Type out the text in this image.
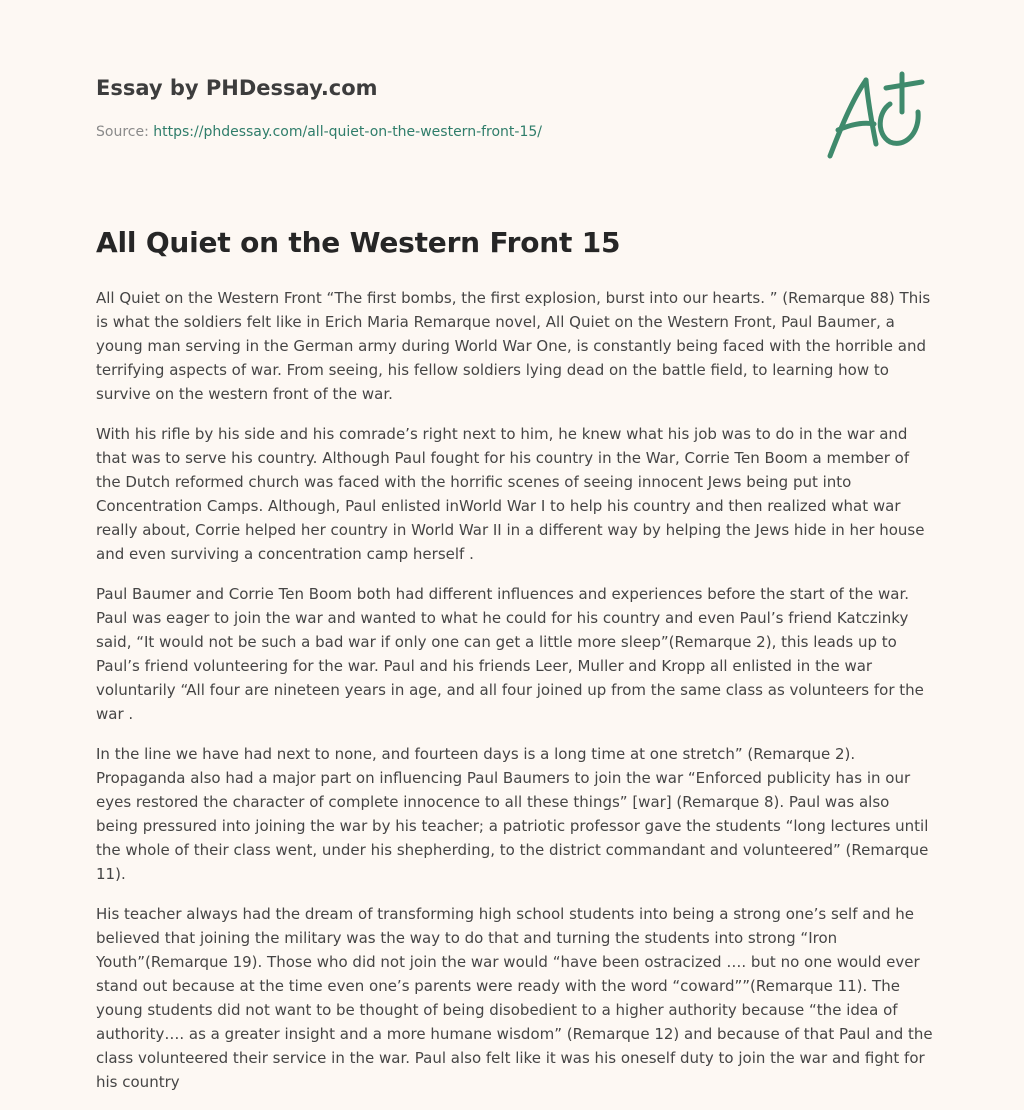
Essay by PHDessay.com
Source: https://phdessay.com/all-quiet-on-the-western-front-15/
All Quiet on the Western Front 15

All Quiet on the Western Front “The first bombs, the first explosion, burst into our hearts. ” (Remarque 88) This is what the soldiers felt like in Erich Maria Remarque novel, All Quiet on the Western Front, Paul Baumer, a young man serving in the German army during World War One, is constantly being faced with the horrible and terrifying aspects of war. From seeing, his fellow soldiers lying dead on the battle field, to learning how to survive on the western front of the war.

With his rifle by his side and his comrade’s right next to him, he knew what his job was to do in the war and that was to serve his country. Although Paul fought for his country in the War, Corrie Ten Boom a member of the Dutch reformed church was faced with the horrific scenes of seeing innocent Jews being put into Concentration Camps. Although, Paul enlisted inWorld War I to help his country and then realized what war really about, Corrie helped her country in World War II in a different way by helping the Jews hide in her house and even surviving a concentration camp herself .

Paul Baumer and Corrie Ten Boom both had different influences and experiences before the start of the war. Paul was eager to join the war and wanted to what he could for his country and even Paul’s friend Katczinky said, “It would not be such a bad war if only one can get a little more sleep”(Remarque 2), this leads up to Paul’s friend volunteering for the war. Paul and his friends Leer, Muller and Kropp all enlisted in the war voluntarily “All four are nineteen years in age, and all four joined up from the same class as volunteers for the war .

In the line we have had next to none, and fourteen days is a long time at one stretch” (Remarque 2). Propaganda also had a major part on influencing Paul Baumers to join the war “Enforced publicity has in our eyes restored the character of complete innocence to all these things” [war] (Remarque 8). Paul was also being pressured into joining the war by his teacher; a patriotic professor gave the students “long lectures until the whole of their class went, under his shepherding, to the district commandant and volunteered” (Remarque 11).

His teacher always had the dream of transforming high school students into being a strong one’s self and he believed that joining the military was the way to do that and turning the students into strong “Iron Youth”(Remarque 19). Those who did not join the war would “have been ostracized …. but no one would ever stand out because at the time even one’s parents were ready with the word “coward””(Remarque 11). The young students did not want to be thought of being disobedient to a higher authority because “the idea of authority…. as a greater insight and a more humane wisdom” (Remarque 12) and because of that Paul and the class volunteered their service in the war. Paul also felt like it was his oneself duty to join the war and fight for his country
